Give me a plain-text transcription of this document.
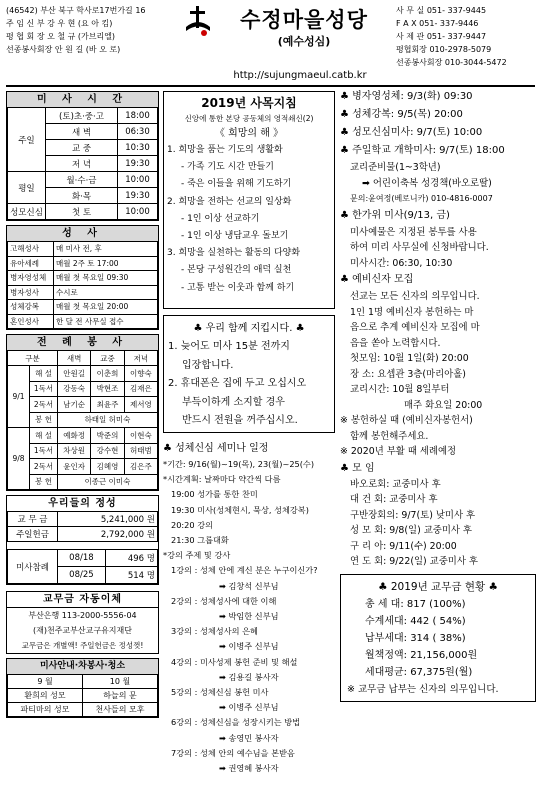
(46542) 부산 북구 학사로17번가길 16
주 임 신 부 강 우 현 (요 아 킴)
평 협 회 장 오 철 규 (가브리엘)
선종봉사회장 안 원 길 (바 오 로)
수정마을성당
(예수성심)
http://sujungmaeul.catb.kr
사 무 실 051- 337-9445
F A X 051- 337-9446
사 제 관 051- 337-9447
평협회장 010-2978-5079
선종봉사회장 010-3044-5472
미 사 시 간
주일	(토)초·중·고	18:00
	새 벽	06:30
	교 중	10:30
	저 녁	19:30
평일	월·수·금	10:00
	화·목	19:30
성모신심	첫 토	10:00
성 사
고해성사	매 미사 전, 후
유아세례	매월 2주 토 17:00
병자영성체	매월 첫 목요일 09:30
병자성사	수시로
성체강복	매월 첫 목요일 20:00
혼인성사	한 달 전 사무실 접수
전 례 봉 사
구분		새벽	교중	저녁
9/1	해 설	안원길	이춘희	이향숙
	1독서	강동숙	박현조	김재은
	2독서	남기순	최윤주	제서영
	봉 헌	하태일 허미숙		
9/8	해 설	예화정	박준의	이현숙
	1독서	차상원	강수현	허태범
	2독서	윤인자	김혜영	김은주
	봉 헌	이종근 이미숙		
우리들의 정성
교 무 금	5,241,000 원	
주일헌금	2,792,000 원	

미사참례	08/18	496 명
	08/25	514 명
교무금 자동이체
부산은행 113-2000-5556-04
(재)천주교부산교구유지재단
교무금은 개별액! 주일헌금은 정성껏!
미사안내·차봉사·청소
9 월	10 월
환희의 성모	하늘의 문
파티마의 성모	천사들의 모후
2019년 사목지침
신앙에 통한 본당 공동체의 영적쇄신(2)
《 희망의 해 》
1. 희망을 품는 기도의 생활화
- 가족 기도 시간 만들기
- 죽은 이들을 위해 기도하기
2. 희망을 전하는 선교의 일상화
- 1인 이상 선교하기
- 1인 이상 냉담교우 돌보기
3. 희망을 실천하는 활동의 다양화
- 본당 구성원간의 애덕 실천
- 고통 받는 이웃과 함께 하기
♣ 우리 함께 지킵시다. ♣
1. 늦어도 미사 15분 전까지
입장합니다.
2. 휴대폰은 집에 두고 오십시오
부득이하게 소지할 경우
반드시 전원을 꺼주십시오.
♣ 성체신심 세미나 일정
*기간: 9/16(월)~19(목), 23(월)~25(수)
*시간계획: 날짜마다 약간씩 다름
19:00 성가를 통한 찬미
19:30 미사(성체현시, 묵상, 성체강복)
20:20 강의
21:30 그룹대화
*강의 주제 및 강사
1강의 : 성체 안에 계신 분은 누구이신가?
➡ 김창석 신부님
2강의 : 성체성사에 대한 이해
➡ 박임한 신부님
3강의 : 성체성사의 은혜
➡ 이병주 신부님
4강의 : 미사성제 봉헌 준비 및 해설
➡ 김용길 봉사자
5강의 : 성체신심 봉헌 미사
➡ 이병주 신부님
6강의 : 성체신심을 성장시키는 방법
➡ 송영민 봉사자
7강의 : 성체 안의 예수님을 본받음
➡ 권영혜 봉사자
♣ 병자영성체: 9/3(화) 09:30
♣ 성체강복: 9/5(목) 20:00
♣ 성모신심미사: 9/7(토) 10:00
♣ 주일학교 개학미사: 9/7(토) 18:00
교리준비물(1~3학년)
➡ 어린이축복 성경책(바오로딸)
문의:윤여정(베로니카) 010-4816-0007
♣ 한가위 미사(9/13, 금)
미사예물은 지정된 봉투를 사용
하여 미리 사무실에 신청바랍니다.
미사시간: 06:30, 10:30
♣ 예비신자 모집
선교는 모든 신자의 의무입니다.
1인 1명 예비신자 봉헌하는 마
음으로 추계 예비신자 모집에 마
음을 쏟아 노력합시다.
첫모임: 10월 1일(화) 20:00
장 소: 요셉관 3층(마리아홀)
교리시간: 10월 8일부터
매주 화요일 20:00
※ 봉헌하실 때 (예비신자봉헌서)
함께 봉헌해주세요.
※ 2020년 부활 때 세례예정
♣ 모 임
바오로회: 교중미사 후
대 건 회: 교중미사 후
구반장회의: 9/7(토) 낮미사 후
성 모 회: 9/8(일) 교중미사 후
구 리 아: 9/11(수) 20:00
연 도 회: 9/22(일) 교중미사 후
♣ 2019년 교무금 현황 ♣
총 세 대: 817 (100%)
수계세대: 442 ( 54%)
납부세대: 314 ( 38%)
월책정액: 21,156,000원
세대평균: 67,375원(월)
※ 교무금 납부는 신자의 의무입니다.
